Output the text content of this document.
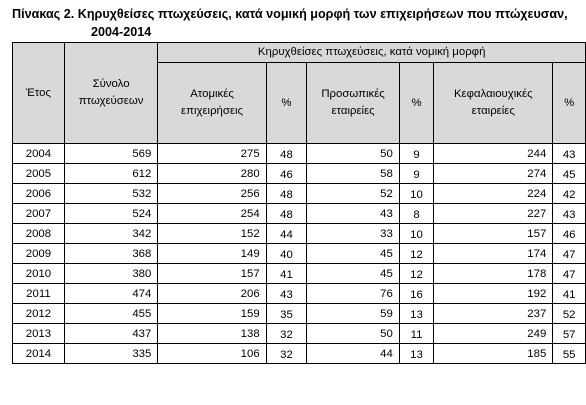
Πίνακας 2. Κηρυχθείσες πτωχεύσεις, κατά νομική μορφή των επιχειρήσεων που πτώχευσαν,
2004-2014
Έτος	Σύνολο πτωχεύσεων	Κηρυχθείσες πτωχεύσεις, κατά νομική μορφή					
		Ατομικές επιχειρήσεις	%	Προσωπικές εταιρείες	%	Κεφαλαιουχικές εταιρείες	%
2004	569	275	48	50	9	244	43
2005	612	280	46	58	9	274	45
2006	532	256	48	52	10	224	42
2007	524	254	48	43	8	227	43
2008	342	152	44	33	10	157	46
2009	368	149	40	45	12	174	47
2010	380	157	41	45	12	178	47
2011	474	206	43	76	16	192	41
2012	455	159	35	59	13	237	52
2013	437	138	32	50	11	249	57
2014	335	106	32	44	13	185	55
